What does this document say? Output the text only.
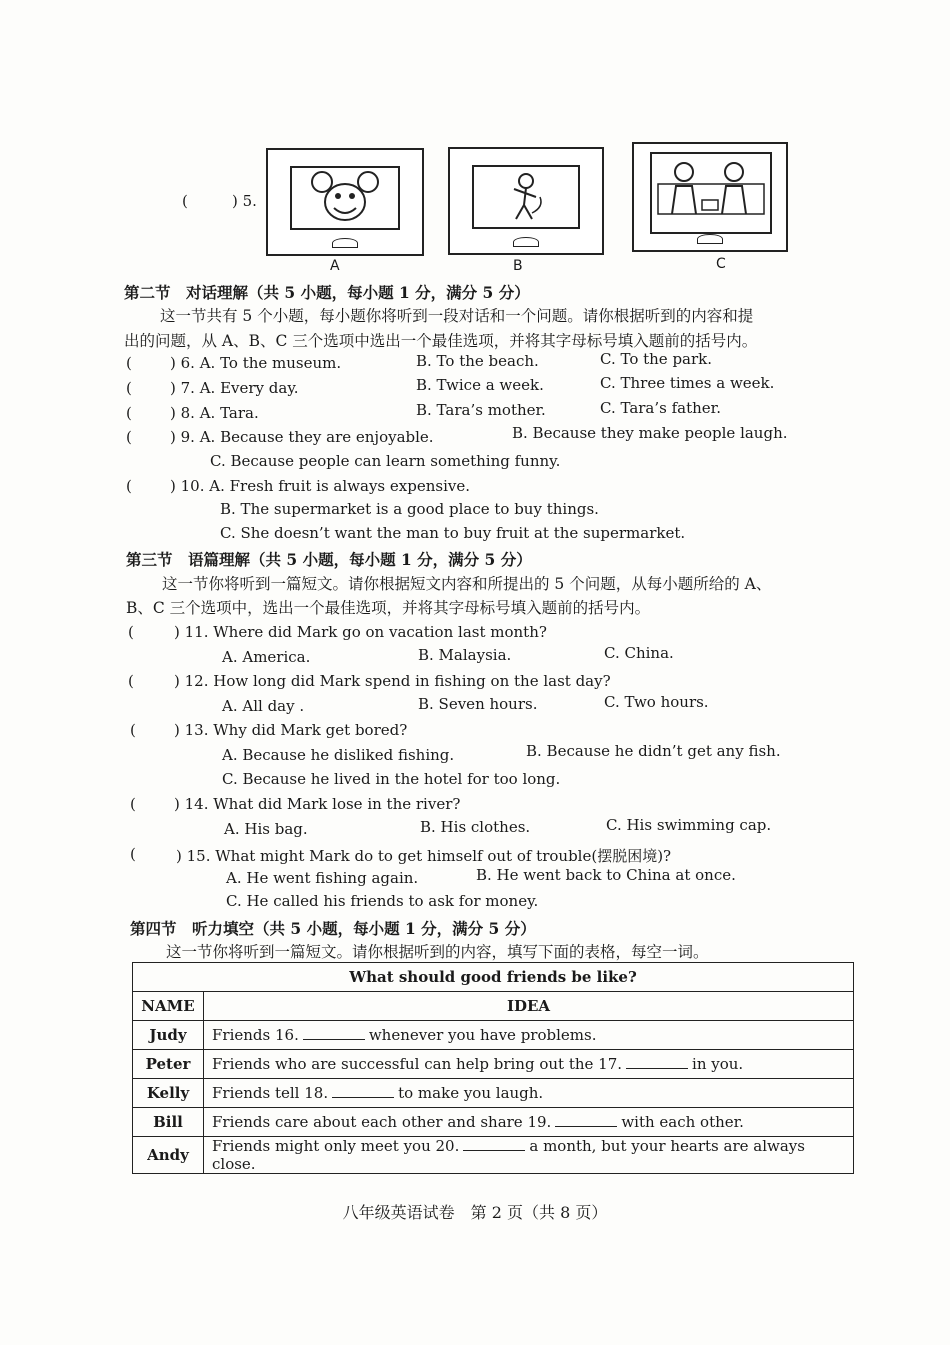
(	) 5.
A	B	C
第二节　对话理解（共 5 小题，每小题 1 分，满分 5 分）
这一节共有 5 个小题，每小题你将听到一段对话和一个问题。请你根据听到的内容和提
出的问题，从 A、B、C 三个选项中选出一个最佳选项，并将其字母标号填入题前的括号内。
(	) 6. A. To the museum.	B. To the beach.	C. To the park.
(	) 7. A. Every day.	B. Twice a week.	C. Three times a week.
(	) 8. A. Tara.	B. Tara’s mother.	C. Tara’s father.
(	) 9. A. Because they are enjoyable.	B. Because they make people laugh.
C. Because people can learn something funny.
(	) 10. A. Fresh fruit is always expensive.
B. The supermarket is a good place to buy things.
C. She doesn’t want the man to buy fruit at the supermarket.
第三节　语篇理解（共 5 小题，每小题 1 分，满分 5 分）
这一节你将听到一篇短文。请你根据短文内容和所提出的 5 个问题，从每小题所给的 A、
B、C 三个选项中，选出一个最佳选项，并将其字母标号填入题前的括号内。
(	) 11. Where did Mark go on vacation last month?
A. America.	B. Malaysia.	C. China.
(	) 12. How long did Mark spend in fishing on the last day?
A. All day .	B. Seven hours.	C. Two hours.
(	) 13. Why did Mark get bored?
A. Because he disliked fishing.	B. Because he didn’t get any fish.
C. Because he lived in the hotel for too long.
(	) 14. What did Mark lose in the river?
A. His bag.	B. His clothes.	C. His swimming cap.
(	) 15. What might Mark do to get himself out of trouble(摆脱困境)?
A. He went fishing again.	B. He went back to China at once.
C. He called his friends to ask for money.
第四节　听力填空（共 5 小题，每小题 1 分，满分 5 分）
这一节你将听到一篇短文。请你根据听到的内容，填写下面的表格，每空一词。
What should good friends be like?	
NAME	IDEA
Judy	Friends 16. whenever you have problems.
Peter	Friends who are successful can help bring out the 17. in you.
Kelly	Friends tell 18. to make you laugh.
Bill	Friends care about each other and share 19. with each other.
Andy	Friends might only meet you 20. a month, but your hearts are always close.
八年级英语试卷　第 2 页（共 8 页）
